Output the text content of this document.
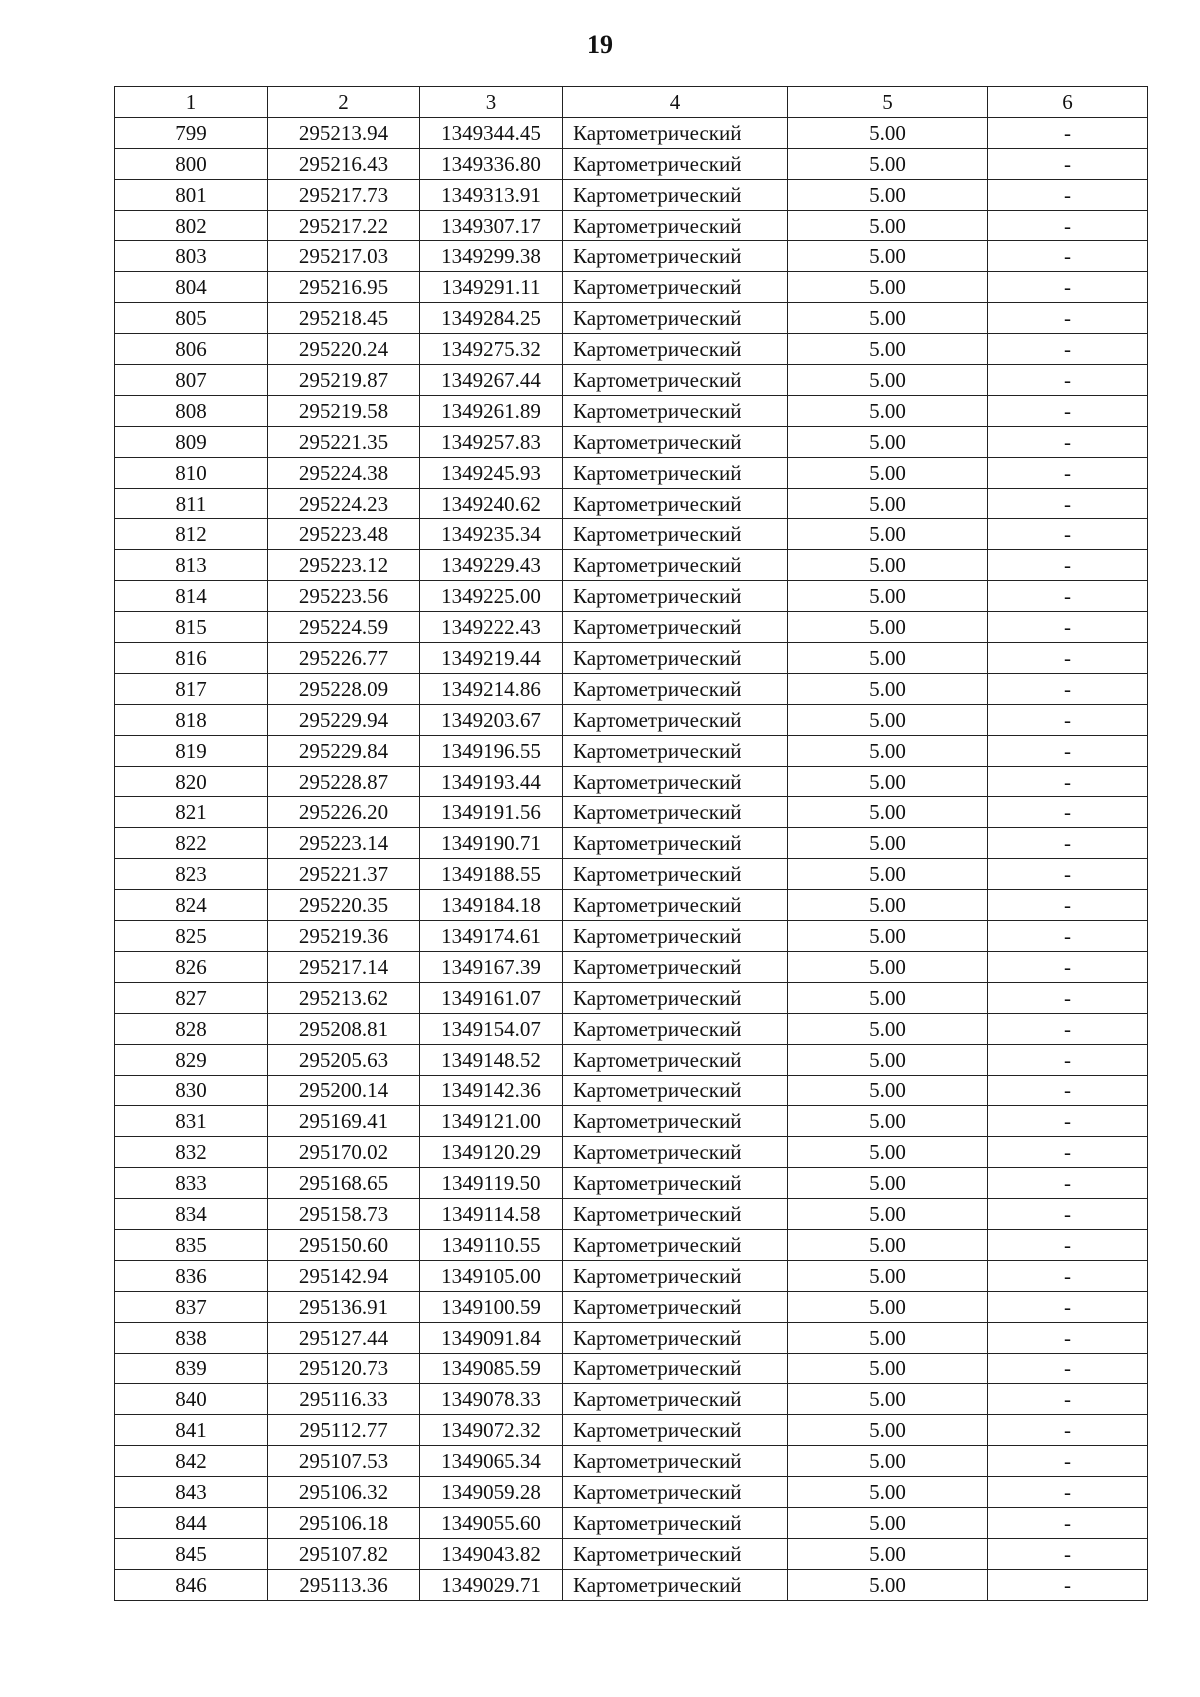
19
1	2	3	4	5	6
799	295213.94	1349344.45	Картометрический	5.00	-
800	295216.43	1349336.80	Картометрический	5.00	-
801	295217.73	1349313.91	Картометрический	5.00	-
802	295217.22	1349307.17	Картометрический	5.00	-
803	295217.03	1349299.38	Картометрический	5.00	-
804	295216.95	1349291.11	Картометрический	5.00	-
805	295218.45	1349284.25	Картометрический	5.00	-
806	295220.24	1349275.32	Картометрический	5.00	-
807	295219.87	1349267.44	Картометрический	5.00	-
808	295219.58	1349261.89	Картометрический	5.00	-
809	295221.35	1349257.83	Картометрический	5.00	-
810	295224.38	1349245.93	Картометрический	5.00	-
811	295224.23	1349240.62	Картометрический	5.00	-
812	295223.48	1349235.34	Картометрический	5.00	-
813	295223.12	1349229.43	Картометрический	5.00	-
814	295223.56	1349225.00	Картометрический	5.00	-
815	295224.59	1349222.43	Картометрический	5.00	-
816	295226.77	1349219.44	Картометрический	5.00	-
817	295228.09	1349214.86	Картометрический	5.00	-
818	295229.94	1349203.67	Картометрический	5.00	-
819	295229.84	1349196.55	Картометрический	5.00	-
820	295228.87	1349193.44	Картометрический	5.00	-
821	295226.20	1349191.56	Картометрический	5.00	-
822	295223.14	1349190.71	Картометрический	5.00	-
823	295221.37	1349188.55	Картометрический	5.00	-
824	295220.35	1349184.18	Картометрический	5.00	-
825	295219.36	1349174.61	Картометрический	5.00	-
826	295217.14	1349167.39	Картометрический	5.00	-
827	295213.62	1349161.07	Картометрический	5.00	-
828	295208.81	1349154.07	Картометрический	5.00	-
829	295205.63	1349148.52	Картометрический	5.00	-
830	295200.14	1349142.36	Картометрический	5.00	-
831	295169.41	1349121.00	Картометрический	5.00	-
832	295170.02	1349120.29	Картометрический	5.00	-
833	295168.65	1349119.50	Картометрический	5.00	-
834	295158.73	1349114.58	Картометрический	5.00	-
835	295150.60	1349110.55	Картометрический	5.00	-
836	295142.94	1349105.00	Картометрический	5.00	-
837	295136.91	1349100.59	Картометрический	5.00	-
838	295127.44	1349091.84	Картометрический	5.00	-
839	295120.73	1349085.59	Картометрический	5.00	-
840	295116.33	1349078.33	Картометрический	5.00	-
841	295112.77	1349072.32	Картометрический	5.00	-
842	295107.53	1349065.34	Картометрический	5.00	-
843	295106.32	1349059.28	Картометрический	5.00	-
844	295106.18	1349055.60	Картометрический	5.00	-
845	295107.82	1349043.82	Картометрический	5.00	-
846	295113.36	1349029.71	Картометрический	5.00	-
